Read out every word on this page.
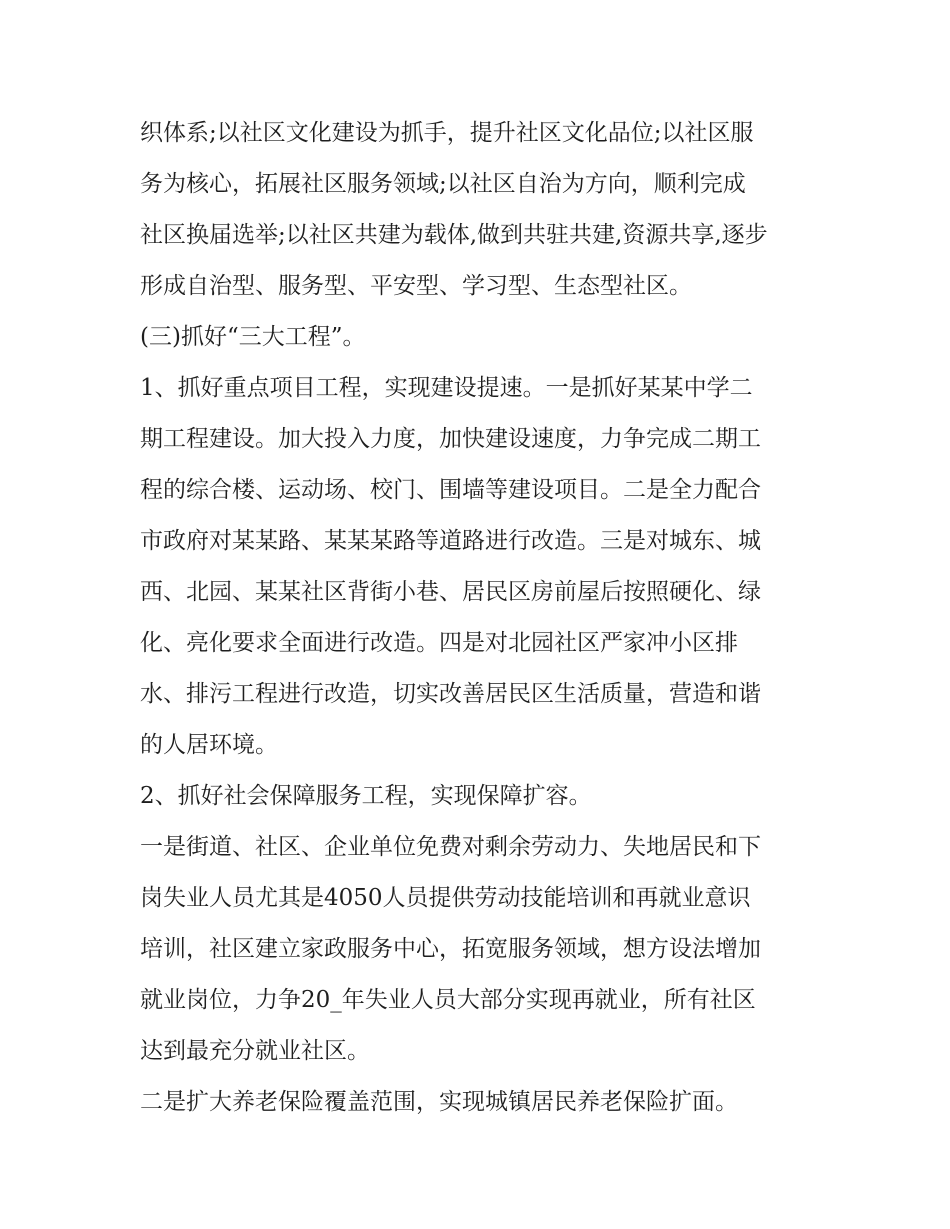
织体系;以社区文化建设为抓手，提升社区文化品位;以社区服
务为核心，拓展社区服务领域;以社区自治为方向，顺利完成
社区换届选举;以社区共建为载体,做到共驻共建,资源共享,逐步
形成自治型、服务型、平安型、学习型、生态型社区。
(三)抓好“三大工程”。
1、抓好重点项目工程，实现建设提速。一是抓好某某中学二
期工程建设。加大投入力度，加快建设速度，力争完成二期工
程的综合楼、运动场、校门、围墙等建设项目。二是全力配合
市政府对某某路、某某某路等道路进行改造。三是对城东、城
西、北园、某某社区背街小巷、居民区房前屋后按照硬化、绿
化、亮化要求全面进行改造。四是对北园社区严家冲小区排
水、排污工程进行改造，切实改善居民区生活质量，营造和谐
的人居环境。
2、抓好社会保障服务工程，实现保障扩容。
一是街道、社区、企业单位免费对剩余劳动力、失地居民和下
岗失业人员尤其是4050人员提供劳动技能培训和再就业意识
培训，社区建立家政服务中心，拓宽服务领域，想方设法增加
就业岗位，力争20_年失业人员大部分实现再就业，所有社区
达到最充分就业社区。
二是扩大养老保险覆盖范围，实现城镇居民养老保险扩面。
